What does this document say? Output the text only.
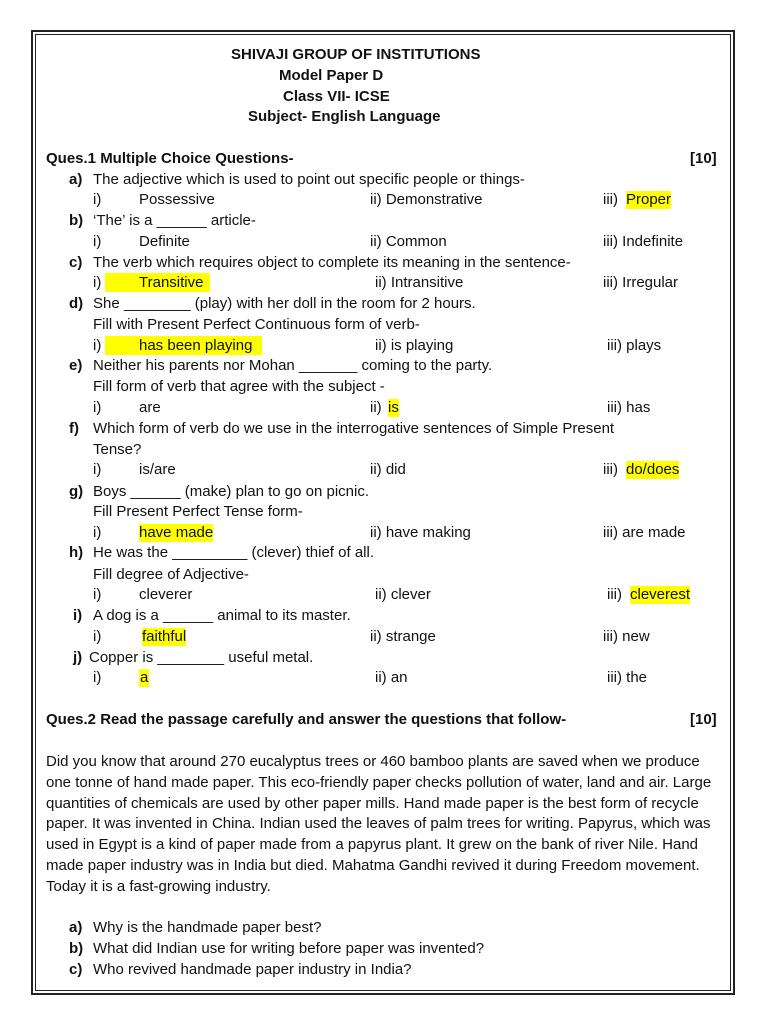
SHIVAJI GROUP OF INSTITUTIONS
Model Paper D
Class VII- ICSE
Subject- English Language
Ques.1 Multiple Choice Questions-	[10]
a) The adjective which is used to point out specific people or things-
i)	Possessive	ii) Demonstrative	iii) Proper
b) ‘The’ is a ______ article-
i)	Definite	ii) Common	iii) Indefinite
c) The verb which requires object to complete its meaning in the sentence-
i)	Transitive	ii) Intransitive	iii) Irregular
d) She ________ (play) with her doll in the room for 2 hours.
Fill with Present Perfect Continuous form of verb-
i)	has been playing	ii) is playing	iii) plays
e) Neither his parents nor Mohan _______ coming to the party.
Fill form of verb that agree with the subject -
i)	are	ii) is	iii) has
f) Which form of verb do we use in the interrogative sentences of Simple Present
Tense?
i)	is/are	ii) did	iii) do/does
g) Boys ______ (make) plan to go on picnic.
Fill Present Perfect Tense form-
i)	have made	ii) have making	iii) are made
h) He was the _________ (clever) thief of all.
Fill degree of Adjective-
i)	cleverer	ii) clever	iii) cleverest
i) A dog is a ______ animal to its master.
i)	faithful	ii) strange	iii) new
j) Copper is ________ useful metal.
i)	a	ii) an	iii) the
Ques.2 Read the passage carefully and answer the questions that follow-	[10]
Did you know that around 270 eucalyptus trees or 460 bamboo plants are saved when we produce one tonne of hand made paper. This eco-friendly paper checks pollution of water, land and air. Large quantities of chemicals are used by other paper mills. Hand made paper is the best form of recycle paper. It was invented in China. Indian used the leaves of palm trees for writing. Papyrus, which was used in Egypt is a kind of paper made from a papyrus plant. It grew on the bank of river Nile. Hand made paper industry was in India but died. Mahatma Gandhi revived it during Freedom movement. Today it is a fast-growing industry.
a) Why is the handmade paper best?
b) What did Indian use for writing before paper was invented?
c) Who revived handmade paper industry in India?
